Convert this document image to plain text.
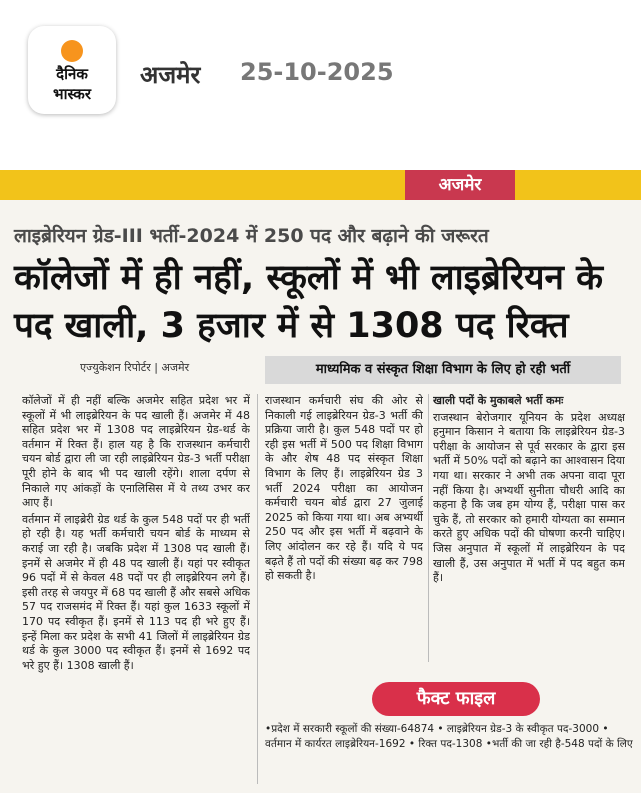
दैनिक
भास्कर
अजमेर 25-10-2025
अजमेर
लाइब्रेरियन ग्रेड-III भर्ती-2024 में 250 पद और बढ़ाने की जरूरत
कॉलेजों में ही नहीं, स्कूलों में भी लाइब्रेरियन के पद खाली, 3 हजार में से 1308 पद रिक्त
एज्युकेशन रिपोर्टर | अजमेर	माध्यमिक व संस्कृत शिक्षा विभाग के लिए हो रही भर्ती

कॉलेजों में ही नहीं बल्कि अजमेर सहित प्रदेश भर में स्कूलों में भी लाइब्रेरियन के पद खाली हैं। अजमेर में 48 सहित प्रदेश भर में 1308 पद लाइब्रेरियन ग्रेड-थर्ड के वर्तमान में रिक्त हैं। हाल यह है कि राजस्थान कर्मचारी चयन बोर्ड द्वारा ली जा रही लाइब्रेरियन ग्रेड-3 भर्ती परीक्षा पूरी होने के बाद भी पद खाली रहेंगे। शाला दर्पण से निकाले गए आंकड़ों के एनालिसिस में ये तथ्य उभर कर आए हैं।

वर्तमान में लाइब्रेरी ग्रेड थर्ड के कुल 548 पदों पर ही भर्ती हो रही है। यह भर्ती कर्मचारी चयन बोर्ड के माध्यम से कराई जा रही है। जबकि प्रदेश में 1308 पद खाली हैं। इनमें से अजमेर में ही 48 पद खाली हैं। यहां पर स्वीकृत 96 पदों में से केवल 48 पदों पर ही लाइब्रेरियन लगे हैं। इसी तरह से जयपुर में 68 पद खाली हैं और सबसे अधिक 57 पद राजसमंद में रिक्त हैं। यहां कुल 1633 स्कूलों में 170 पद स्वीकृत हैं। इनमें से 113 पद ही भरे हुए हैं। इन्हें मिला कर प्रदेश के सभी 41 जिलों में लाइब्रेरियन ग्रेड थर्ड के कुल 3000 पद स्वीकृत हैं। इनमें से 1692 पद भरे हुए हैं। 1308 खाली हैं।

राजस्थान कर्मचारी संघ की ओर से निकाली गई लाइब्रेरियन ग्रेड-3 भर्ती की प्रक्रिया जारी है। कुल 548 पदों पर हो रही इस भर्ती में 500 पद शिक्षा विभाग के और शेष 48 पद संस्कृत शिक्षा विभाग के लिए हैं। लाइब्रेरियन ग्रेड 3 भर्ती 2024 परीक्षा का आयोजन कर्मचारी चयन बोर्ड द्वारा 27 जुलाई 2025 को किया गया था। अब अभ्यर्थी 250 पद और इस भर्ती में बढ़वाने के लिए आंदोलन कर रहे हैं। यदि ये पद बढ़ते हैं तो पदों की संख्या बढ़ कर 798 हो सकती है।

खाली पदों के मुकाबले भर्ती कमः

राजस्थान बेरोजगार यूनियन के प्रदेश अध्यक्ष हनुमान किसान ने बताया कि लाइब्रेरियन ग्रेड-3 परीक्षा के आयोजन से पूर्व सरकार के द्वारा इस भर्ती में 50% पदों को बढ़ाने का आश्वासन दिया गया था। सरकार ने अभी तक अपना वादा पूरा नहीं किया है। अभ्यर्थी सुनीता चौधरी आदि का कहना है कि जब हम योग्य हैं, परीक्षा पास कर चुके हैं, तो सरकार को हमारी योग्यता का सम्मान करते हुए अधिक पदों की घोषणा करनी चाहिए। जिस अनुपात में स्कूलों में लाइब्रेरियन के पद खाली हैं, उस अनुपात में भर्ती में पद बहुत कम हैं।

फैक्ट फाइल
•प्रदेश में सरकारी स्कूलों की संख्या-64874 • लाइब्रेरियन ग्रेड-3 के स्वीकृत पद-3000 • वर्तमान में कार्यरत लाइब्रेरियन-1692 • रिक्त पद-1308 •भर्ती की जा रही है-548 पदों के लिए
